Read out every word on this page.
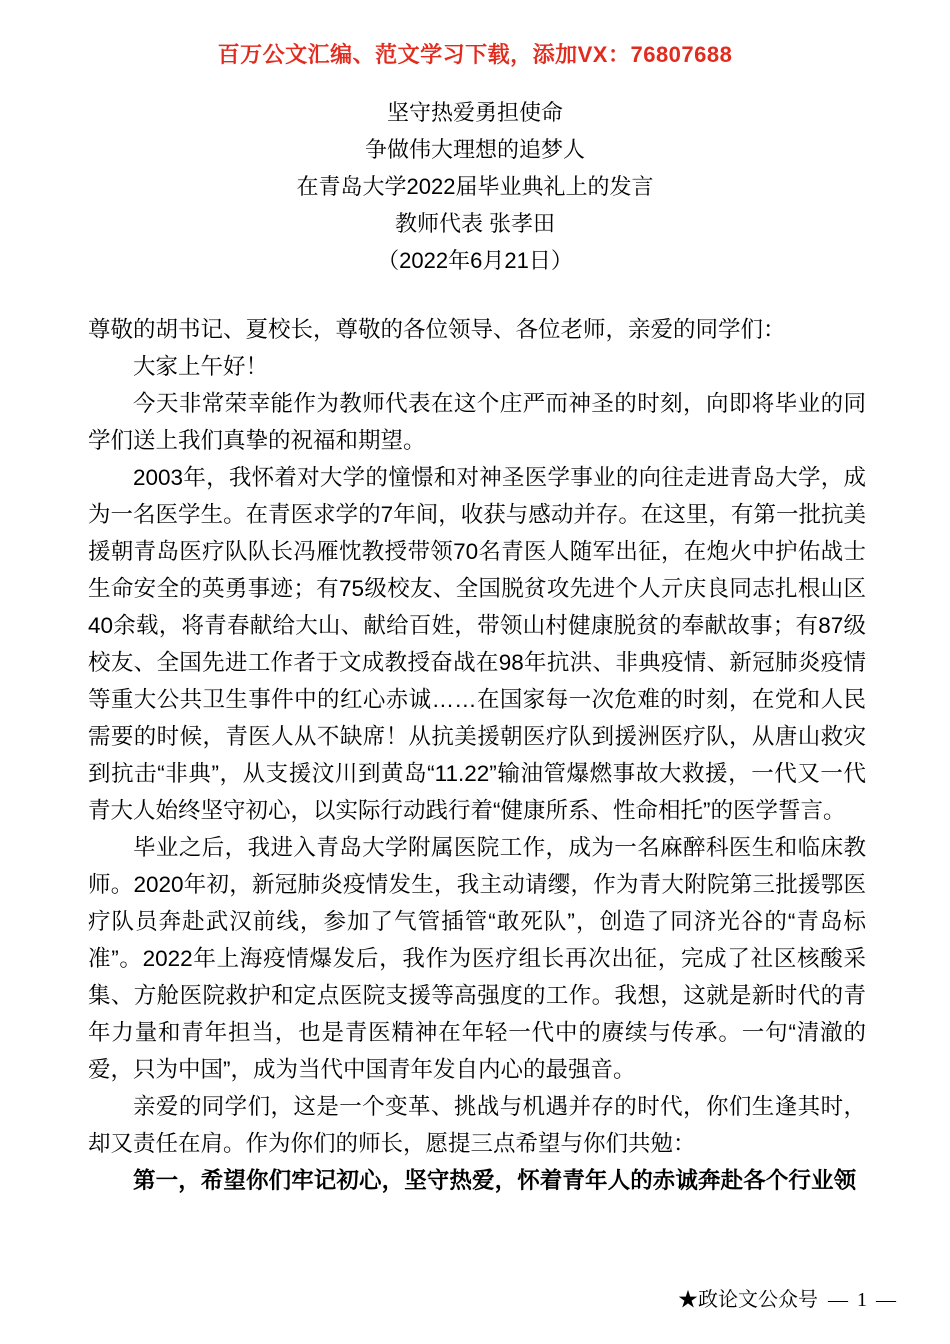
百万公文汇编、范文学习下载，添加VX：76807688
坚守热爱勇担使命
争做伟大理想的追梦人
在青岛大学2022届毕业典礼上的发言
教师代表 张孝田
（2022年6月21日）

尊敬的胡书记、夏校长，尊敬的各位领导、各位老师，亲爱的同学们：

大家上午好！

今天非常荣幸能作为教师代表在这个庄严而神圣的时刻，向即将毕业的同学们送上我们真挚的祝福和期望。

2003年，我怀着对大学的憧憬和对神圣医学事业的向往走进青岛大学，成为一名医学生。在青医求学的7年间，收获与感动并存。在这里，有第一批抗美援朝青岛医疗队队长冯雁忱教授带领70名青医人随军出征，在炮火中护佑战士生命安全的英勇事迹；有75级校友、全国脱贫攻先进个人亓庆良同志扎根山区40余载，将青春献给大山、献给百姓，带领山村健康脱贫的奉献故事；有87级校友、全国先进工作者于文成教授奋战在98年抗洪、非典疫情、新冠肺炎疫情等重大公共卫生事件中的红心赤诚……在国家每一次危难的时刻，在党和人民需要的时候，青医人从不缺席！从抗美援朝医疗队到援洲医疗队，从唐山救灾到抗击“非典”，从支援汶川到黄岛“11.22”输油管爆燃事故大救援，一代又一代青大人始终坚守初心，以实际行动践行着“健康所系、性命相托”的医学誓言。

毕业之后，我进入青岛大学附属医院工作，成为一名麻醉科医生和临床教师。2020年初，新冠肺炎疫情发生，我主动请缨，作为青大附院第三批援鄂医疗队员奔赴武汉前线，参加了气管插管“敢死队”，创造了同济光谷的“青岛标准”。2022年上海疫情爆发后，我作为医疗组长再次出征，完成了社区核酸采集、方舱医院救护和定点医院支援等高强度的工作。我想，这就是新时代的青年力量和青年担当，也是青医精神在年轻一代中的赓续与传承。一句“清澈的爱，只为中国”，成为当代中国青年发自内心的最强音。

亲爱的同学们，这是一个变革、挑战与机遇并存的时代，你们生逢其时，却又责任在肩。作为你们的师长，愿提三点希望与你们共勉：

第一，希望你们牢记初心，坚守热爱，怀着青年人的赤诚奔赴各个行业领

★政论文公众号 — 1 —
